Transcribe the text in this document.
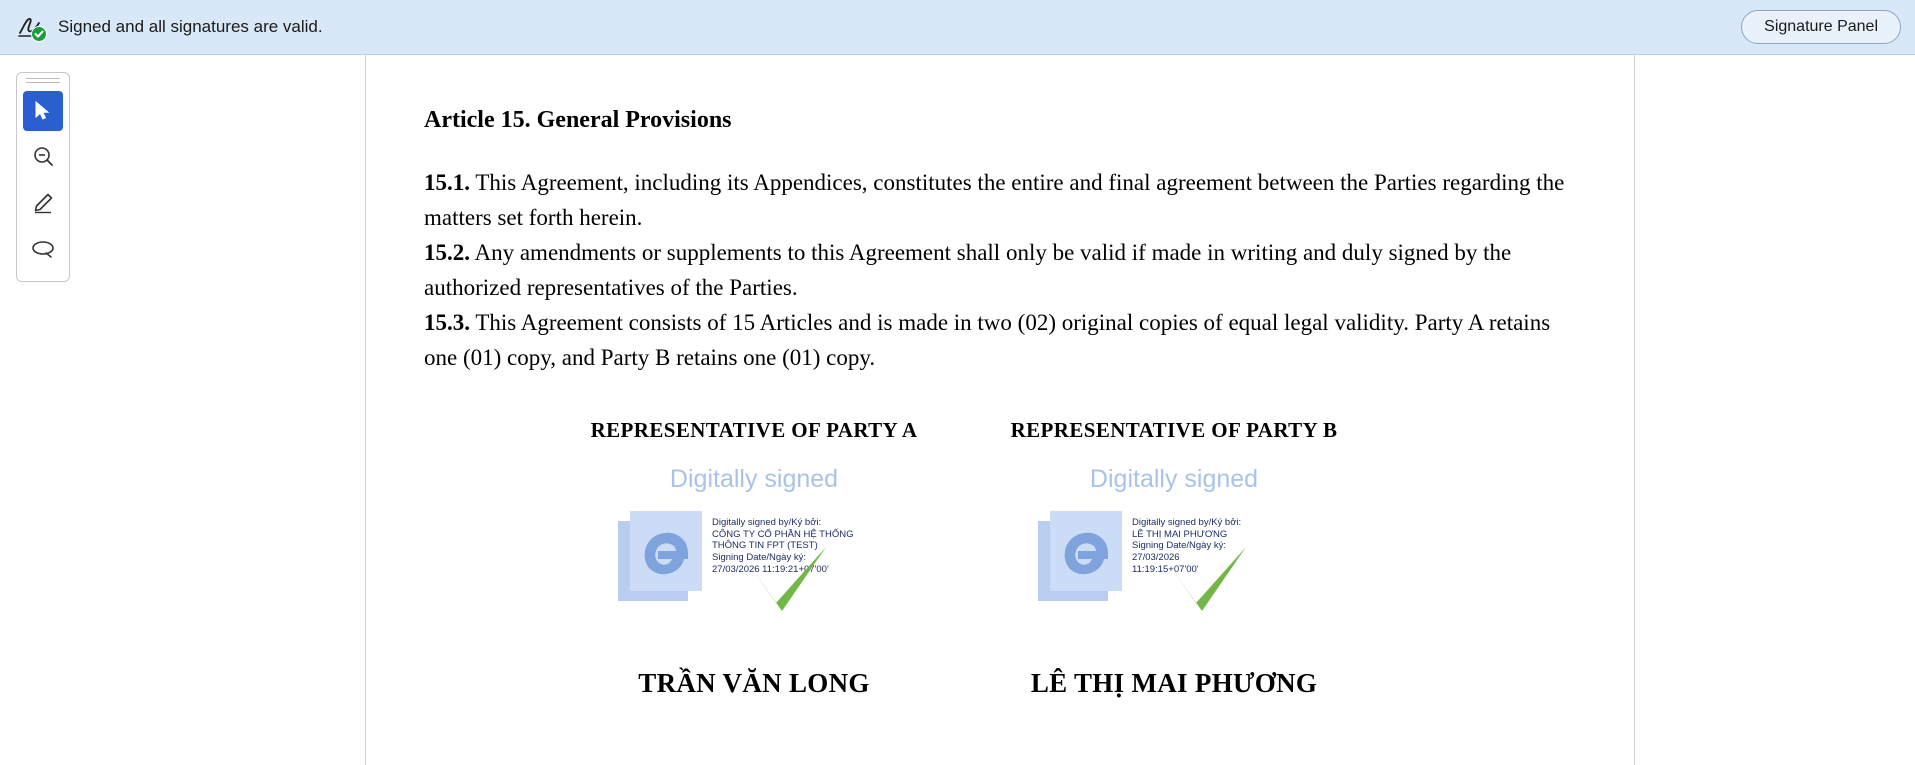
Signed and all signatures are valid.	Signature Panel
Article 15. General Provisions

15.1. This Agreement, including its Appendices, constitutes the entire and final agreement between the Parties regarding the matters set forth herein.

15.2. Any amendments or supplements to this Agreement shall only be valid if made in writing and duly signed by the authorized representatives of the Parties.

15.3. This Agreement consists of 15 Articles and is made in two (02) original copies of equal legal validity. Party A retains one (01) copy, and Party B retains one (01) copy.

REPRESENTATIVE OF PARTY A
Digitally signed
Digitally signed by/Ký bởi:
CÔNG TY CỔ PHẦN HỆ THỐNG
THÔNG TIN FPT (TEST)
Signing Date/Ngày ký:
27/03/2026 11:19:21+07'00'
TRẦN VĂN LONG
REPRESENTATIVE OF PARTY B
Digitally signed
Digitally signed by/Ký bởi:
LÊ THỊ MAI PHƯƠNG
Signing Date/Ngày ký:
27/03/2026
11:19:15+07'00'
LÊ THỊ MAI PHƯƠNG
